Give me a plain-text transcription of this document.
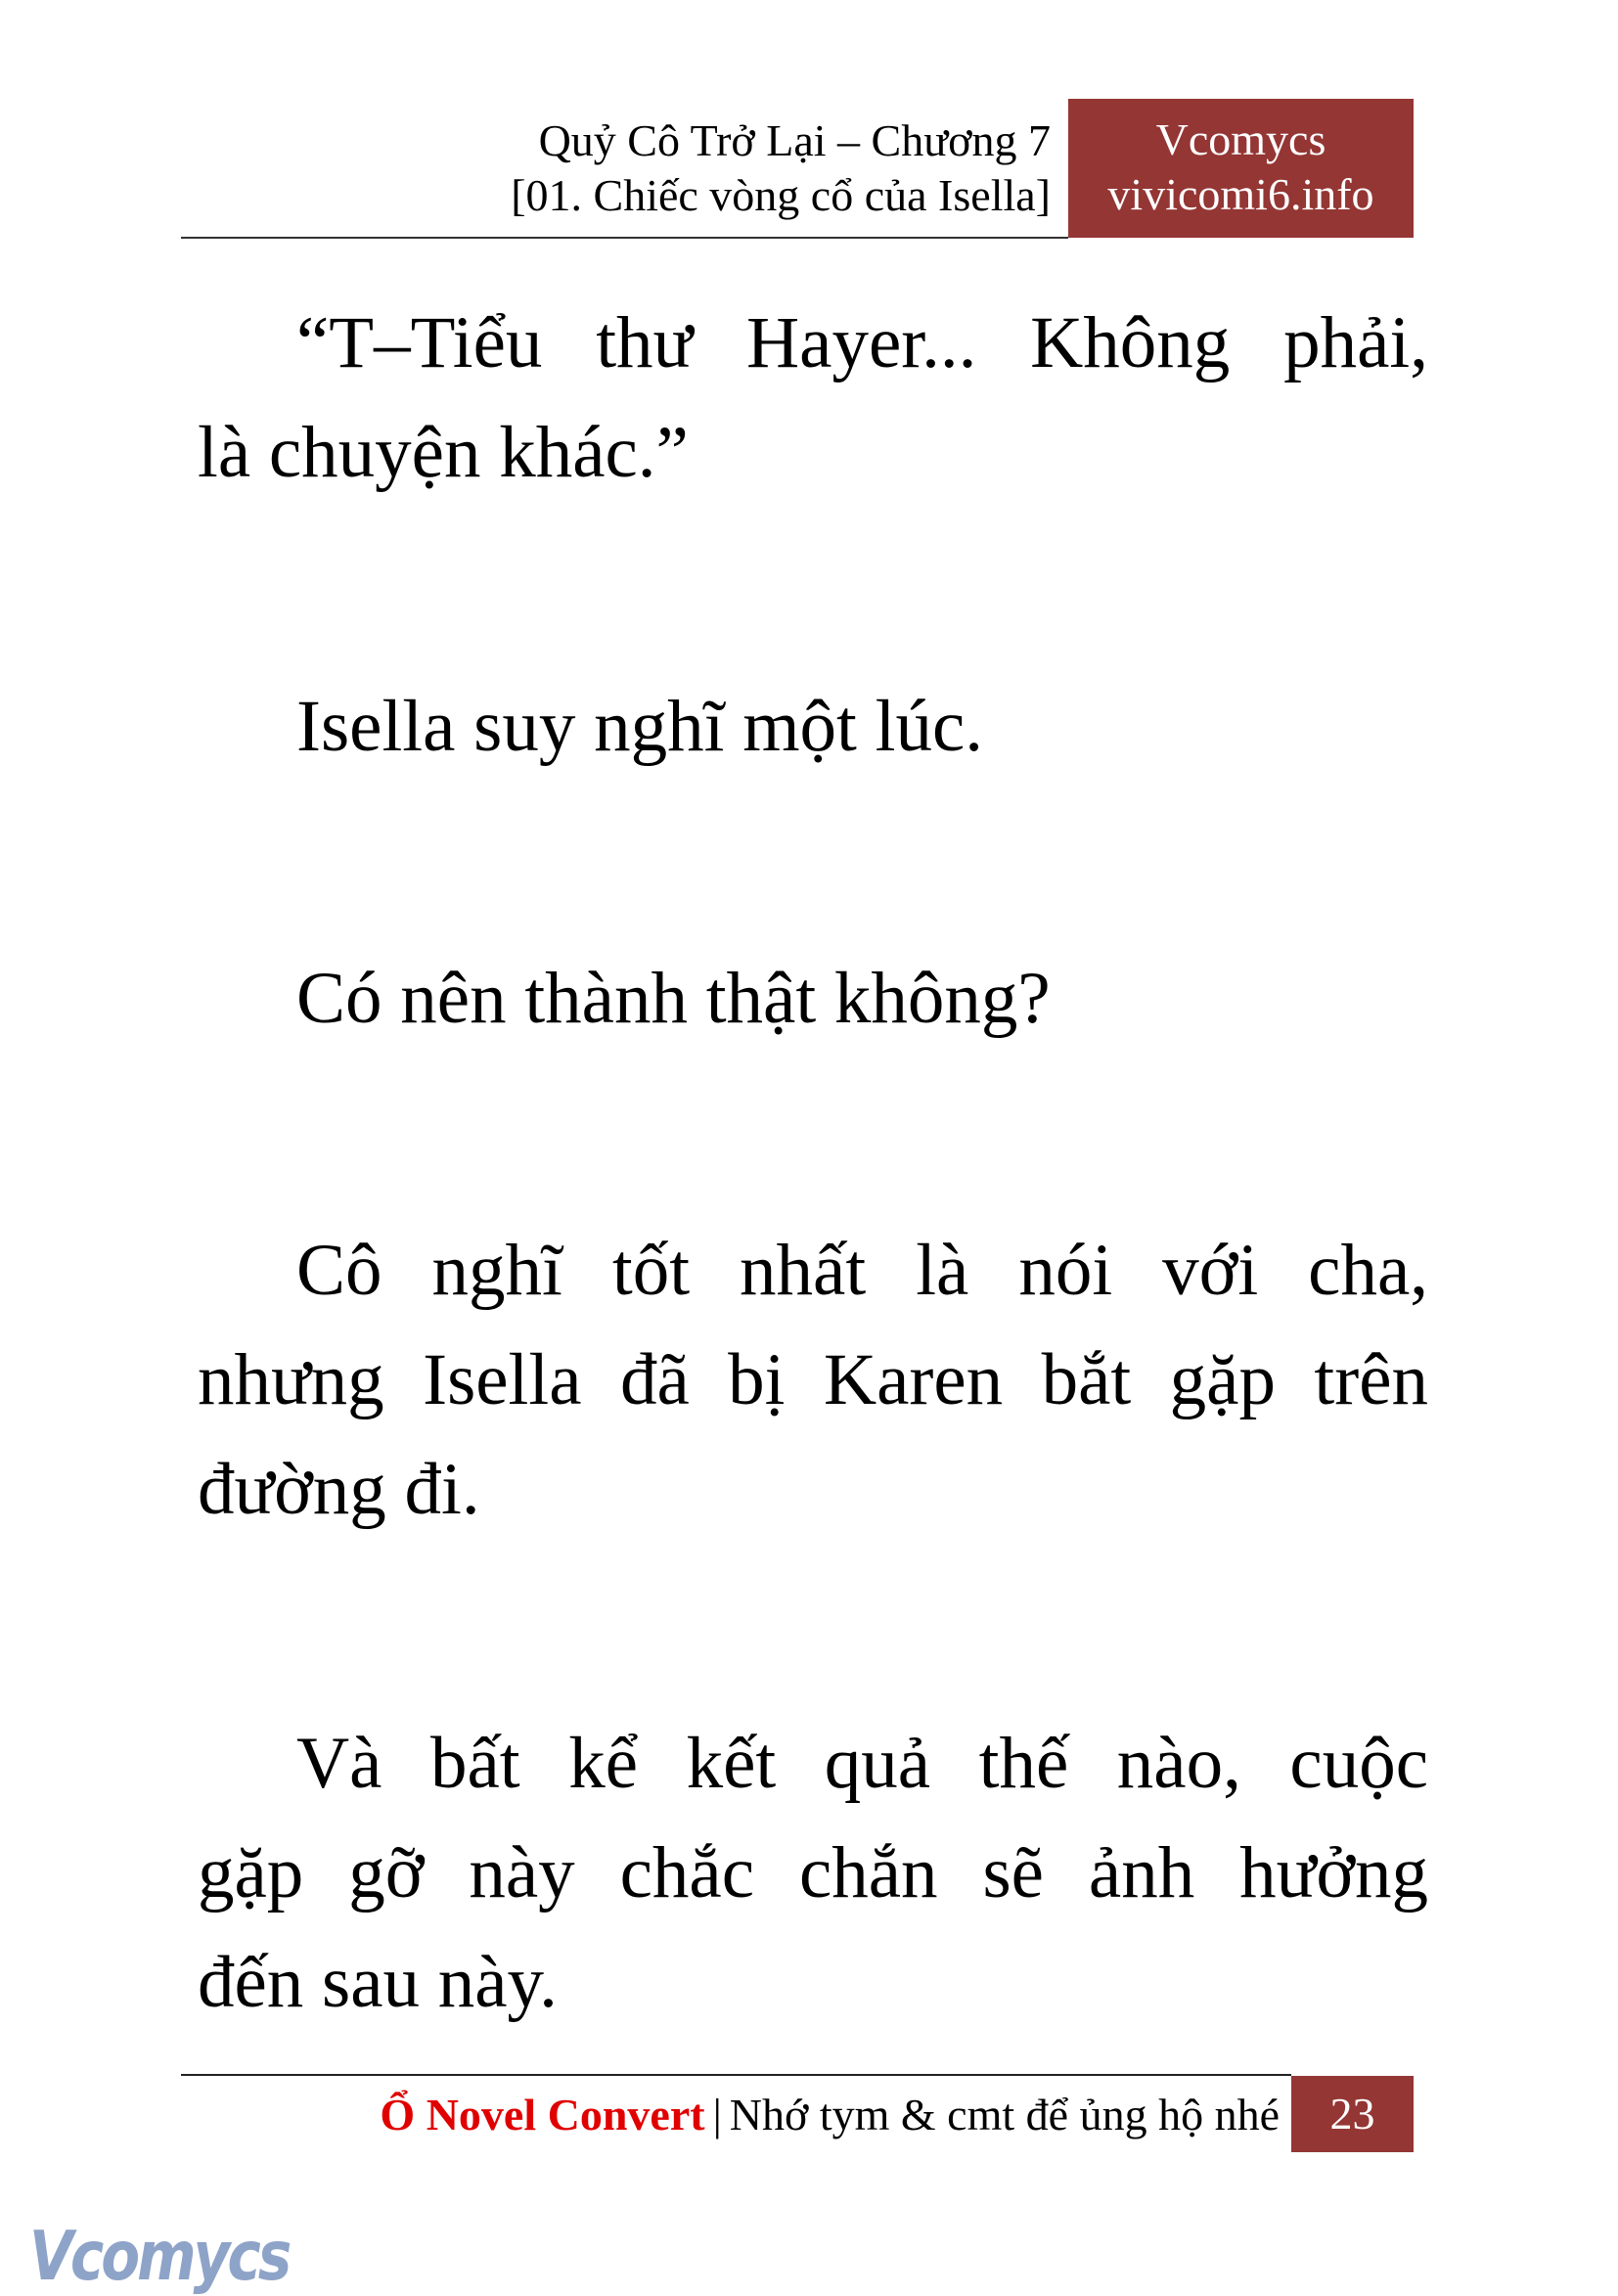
Quỷ Cô Trở Lại – Chương 7
[01. Chiếc vòng cổ của Isella]
Vcomycs
vivicomi6.info
“T–Tiểu thư Hayer... Không phải,
là chuyện khác.”
Isella suy nghĩ một lúc.
Có nên thành thật không?
Cô nghĩ tốt nhất là nói với cha,
nhưng Isella đã bị Karen bắt gặp trên
đường đi.
Và bất kể kết quả thế nào, cuộc
gặp gỡ này chắc chắn sẽ ảnh hưởng
đến sau này.
Ổ Novel Convert | Nhớ tym & cmt để ủng hộ nhé	23
Vcomycs
